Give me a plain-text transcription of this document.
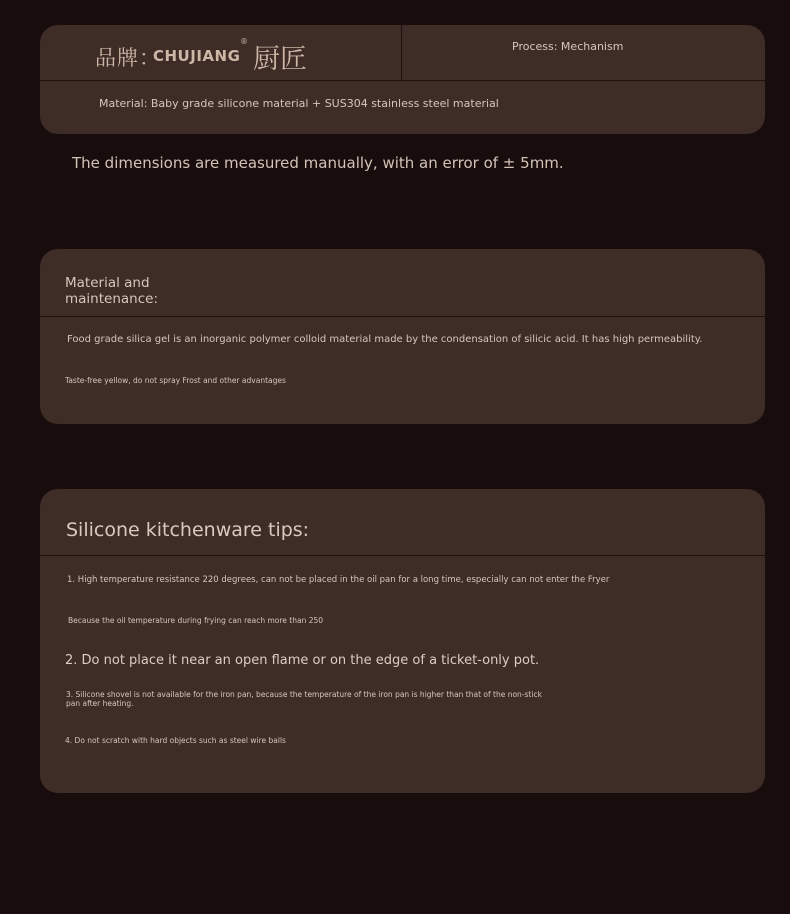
品牌：
CHUJIANG
®
厨匠	Process: Mechanism
Material: Baby grade silicone material + SUS304 stainless steel material
The dimensions are measured manually, with an error of ± 5mm.
Material and maintenance:
Food grade silica gel is an inorganic polymer colloid material made by the condensation of silicic acid. It has high permeability.
Taste-free yellow, do not spray Frost and other advantages
Silicone kitchenware tips:
1. High temperature resistance 220 degrees, can not be placed in the oil pan for a long time, especially can not enter the Fryer
Because the oil temperature during frying can reach more than 250
2. Do not place it near an open flame or on the edge of a ticket-only pot.
3. Silicone shovel is not available for the iron pan, because the temperature of the iron pan is higher than that of the non-stick pan after heating.
4. Do not scratch with hard objects such as steel wire balls
